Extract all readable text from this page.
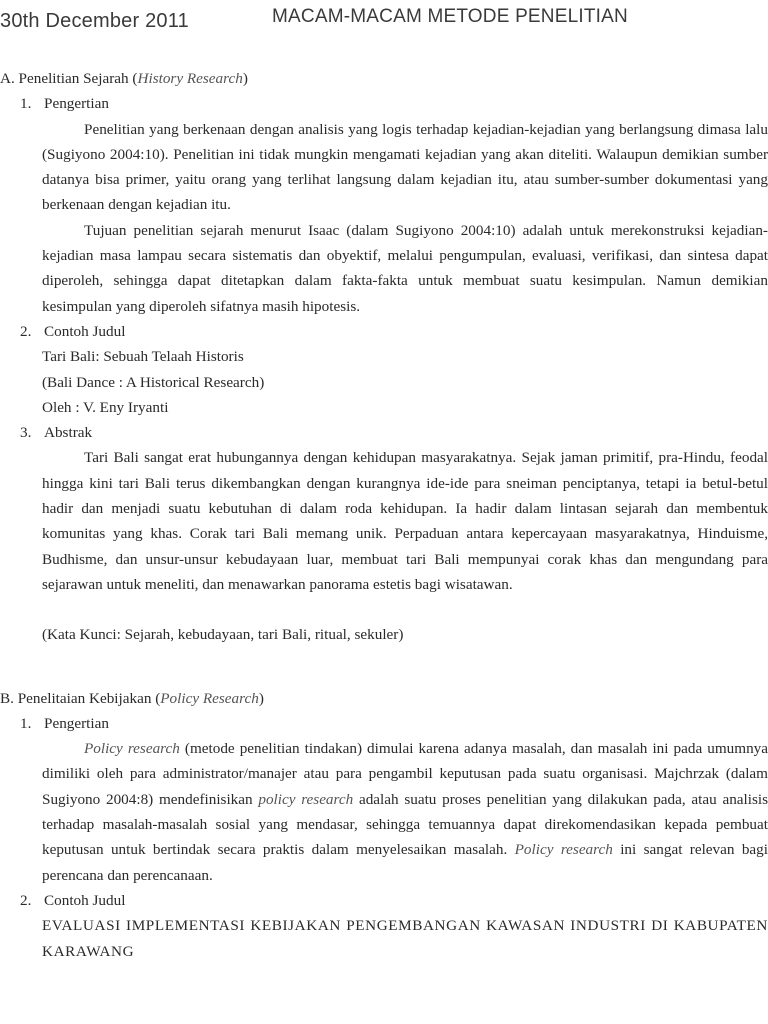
30th December 2011	MACAM-MACAM METODE PENELITIAN

A. Penelitian Sejarah (History Research)

1. Pengertian

Penelitian yang berkenaan dengan analisis yang logis terhadap kejadian-kejadian yang berlangsung dimasa lalu (Sugiyono 2004:10). Penelitian ini tidak mungkin mengamati kejadian yang akan diteliti. Walaupun demikian sumber datanya bisa primer, yaitu orang yang terlihat langsung dalam kejadian itu, atau sumber-sumber dokumentasi yang berkenaan dengan kejadian itu.

Tujuan penelitian sejarah menurut Isaac (dalam Sugiyono 2004:10) adalah untuk merekonstruksi kejadian-kejadian masa lampau secara sistematis dan obyektif, melalui pengumpulan, evaluasi, verifikasi, dan sintesa dapat diperoleh, sehingga dapat ditetapkan dalam fakta-fakta untuk membuat suatu kesimpulan. Namun demikian kesimpulan yang diperoleh sifatnya masih hipotesis.

2. Contoh Judul

Tari Bali: Sebuah Telaah Historis

(Bali Dance : A Historical Research)

Oleh : V. Eny Iryanti

3. Abstrak

Tari Bali sangat erat hubungannya dengan kehidupan masyarakatnya. Sejak jaman primitif, pra-Hindu, feodal hingga kini tari Bali terus dikembangkan dengan kurangnya ide-ide para sneiman penciptanya, tetapi ia betul-betul hadir dan menjadi suatu kebutuhan di dalam roda kehidupan. Ia hadir dalam lintasan sejarah dan membentuk komunitas yang khas. Corak tari Bali memang unik. Perpaduan antara kepercayaan masyarakatnya, Hinduisme, Budhisme, dan unsur-unsur kebudayaan luar, membuat tari Bali mempunyai corak khas dan mengundang para sejarawan untuk meneliti, dan menawarkan panorama estetis bagi wisatawan.

(Kata Kunci: Sejarah, kebudayaan, tari Bali, ritual, sekuler)

B. Penelitaian Kebijakan (Policy Research)

1. Pengertian

Policy research (metode penelitian tindakan) dimulai karena adanya masalah, dan masalah ini pada umumnya dimiliki oleh para administrator/manajer atau para pengambil keputusan pada suatu organisasi. Majchrzak (dalam Sugiyono 2004:8) mendefinisikan policy research adalah suatu proses penelitian yang dilakukan pada, atau analisis terhadap masalah-masalah sosial yang mendasar, sehingga temuannya dapat direkomendasikan kepada pembuat keputusan untuk bertindak secara praktis dalam menyelesaikan masalah. Policy research ini sangat relevan bagi perencana dan perencanaan.

2. Contoh Judul

EVALUASI IMPLEMENTASI KEBIJAKAN PENGEMBANGAN KAWASAN INDUSTRI DI KABUPATEN KARAWANG
